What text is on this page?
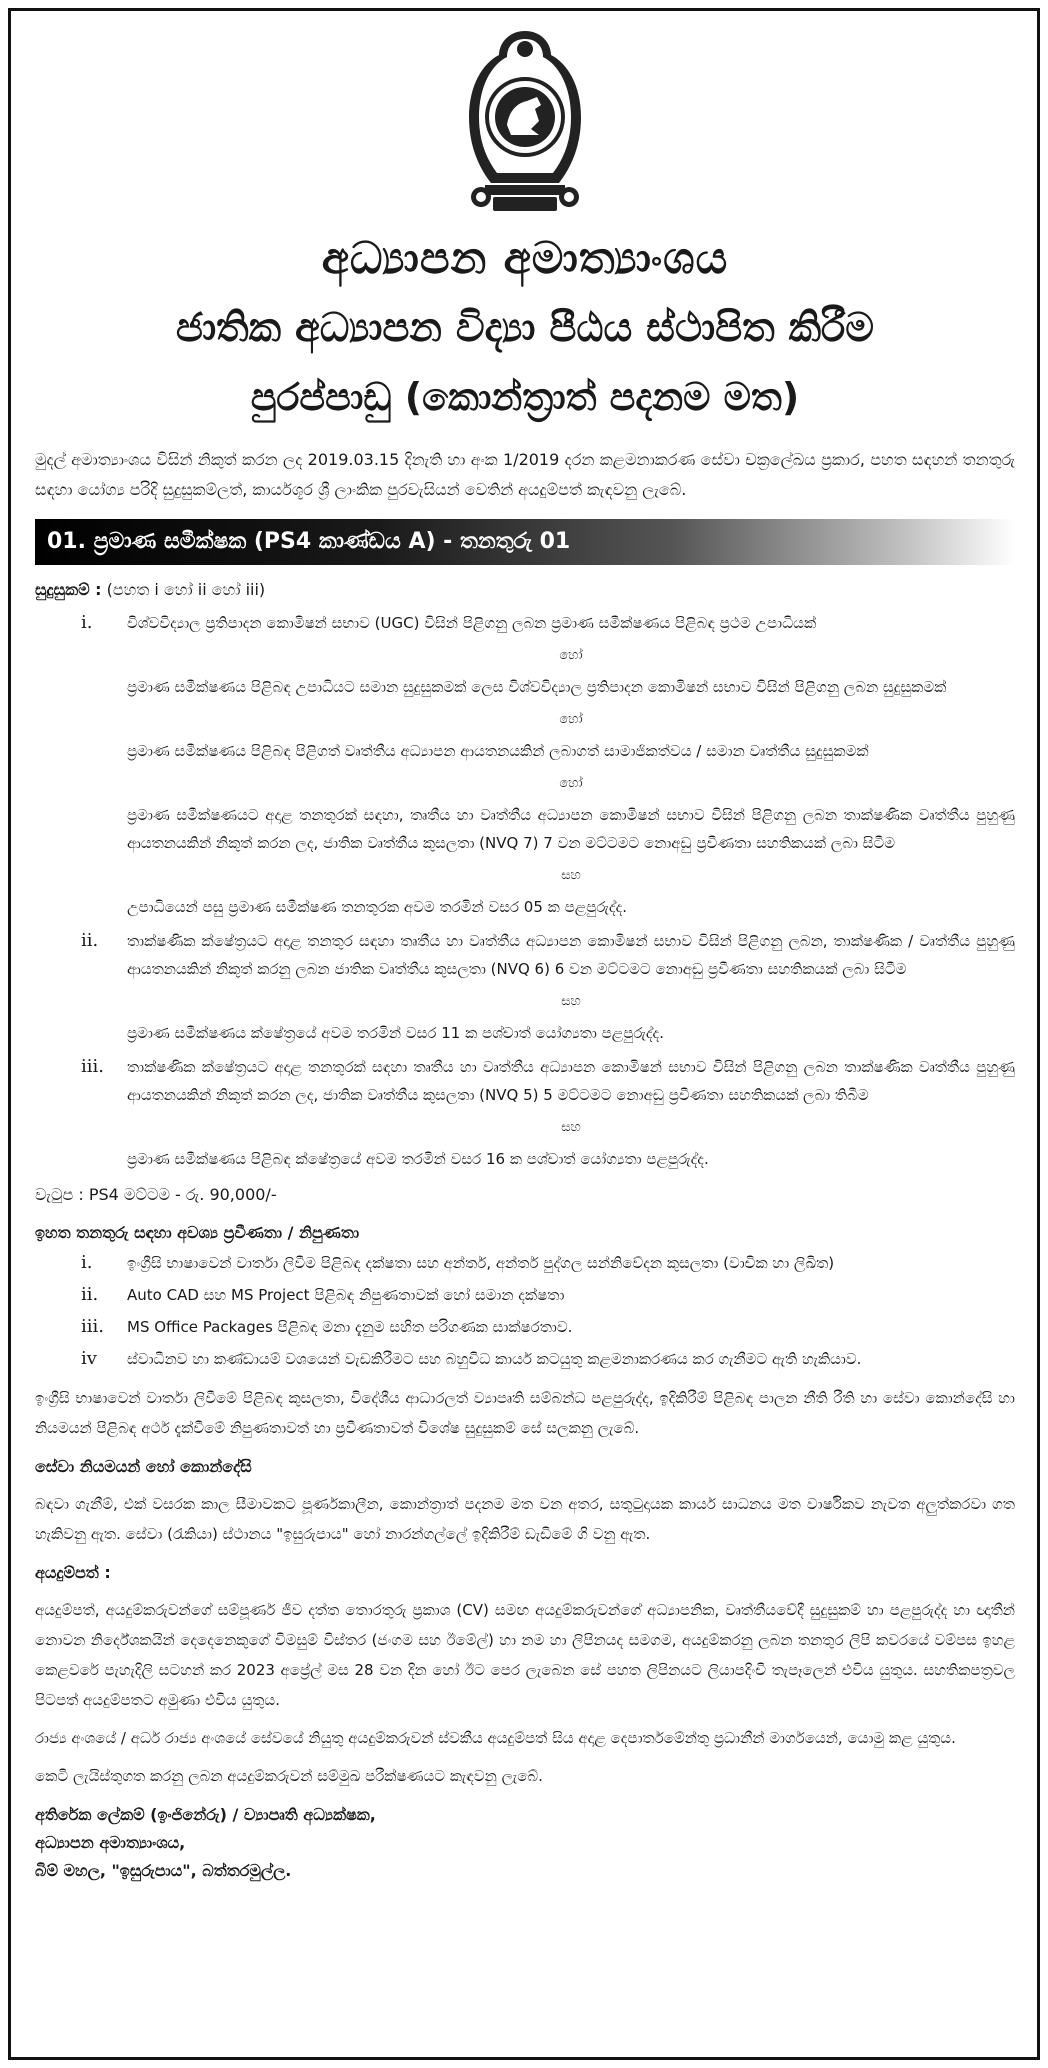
අධ්‍යාපන අමාත්‍යාංශය
ජාතික අධ්‍යාපන විද්‍යා පීඨය ස්ථාපිත කිරීම
පුරප්පාඩු (කොන්ත්‍රාත් පදනම මත)

මුදල් අමාත්‍යාංශය විසින් නිකුත් කරන ලද 2019.03.15 දිනැති හා අංක 1/2019 දරන කළමනාකරණ සේවා චක්‍රලේඛය ප්‍රකාර, පහත සඳහන් තනතුරු සඳහා යෝග්‍ය පරිදි සුදුසුකම්ලත්, කාර්යශූර ශ්‍රී ලාංකික පුරවැසියන් වෙතින් අයදුම්පත් කැඳවනු ලැබේ.

01. ප්‍රමාණ සමීක්ෂක (PS4 කාණ්ඩය A) - තනතුරු 01
සුදුසුකම් : (පහත i හෝ ii හෝ iii)
i. විශ්වවිද්‍යාල ප්‍රතිපාදන කොමිෂන් සභාව (UGC) විසින් පිළිගනු ලබන ප්‍රමාණ සමීක්ෂණය පිළිබඳ ප්‍රථම උපාධියක්

හෝ

ප්‍රමාණ සමීක්ෂණය පිළිබඳ උපාධියට සමාන සුදුසුකමක් ලෙස විශ්වවිද්‍යාල ප්‍රතිපාදන කොමිෂන් සභාව විසින් පිළිගනු ලබන සුදුසුකමක්

හෝ

ප්‍රමාණ සමීක්ෂණය පිළිබඳ පිළිගත් වෘත්තීය අධ්‍යාපන ආයතනයකින් ලබාගත් සාමාජිකත්වය / සමාන වෘත්තීය සුදුසුකමක්

හෝ

ප්‍රමාණ සමීක්ෂණයට අදාළ තනතුරක් සඳහා, තෘතීය හා වෘත්තීය අධ්‍යාපන කොමිෂන් සභාව විසින් පිළිගනු ලබන තාක්ෂණික වෘත්තීය පුහුණු ආයතනයකින් නිකුත් කරන ලද, ජාතික වෘත්තීය කුසලතා (NVQ 7) 7 වන මට්ටමට නොඅඩු ප්‍රවීණතා සහතිකයක් ලබා සිටීම

සහ

උපාධියෙන් පසු ප්‍රමාණ සමීක්ෂණ තනතුරක අවම තරමින් වසර 05 ක පළපුරුද්ද.

ii. තාක්ෂණික ක්ෂේත්‍රයට අදාළ තනතුර සඳහා තෘතීය හා වෘත්තීය අධ්‍යාපන කොමිෂන් සභාව විසින් පිළිගනු ලබන, තාක්ෂණික / වෘත්තීය පුහුණු ආයතනයකින් නිකුත් කරනු ලබන ජාතික වෘත්තීය කුසලතා (NVQ 6) 6 වන මට්ටමට නොඅඩු ප්‍රවීණතා සහතිකයක් ලබා සිටීම

සහ

ප්‍රමාණ සමීක්ෂණය ක්ෂේත්‍රයේ අවම තරමින් වසර 11 ක පශ්චාත් යෝග්‍යතා පළපුරුද්ද.

iii. තාක්ෂණික ක්ෂේත්‍රයට අදාළ තනතුරක් සඳහා තෘතීය හා වෘත්තීය අධ්‍යාපන කොමිෂන් සභාව විසින් පිළිගනු ලබන තාක්ෂණික වෘත්තීය පුහුණු ආයතනයකින් නිකුත් කරන ලද, ජාතික වෘත්තීය කුසලතා (NVQ 5) 5 මට්ටමට නොඅඩු ප්‍රවීණතා සහතිකයක් ලබා තිබීම

සහ

ප්‍රමාණ සමීක්ෂණය පිළිබඳ ක්ෂේත්‍රයේ අවම තරමින් වසර 16 ක පශ්චාත් යෝග්‍යතා පළපුරුද්ද.

වැටුප : PS4 මට්ටම - රු. 90,000/-
ඉහත තනතුරු සඳහා අවශ්‍ය ප්‍රවීණතා / නිපුණතා
i. ඉංග්‍රීසි භාෂාවෙන් වාර්තා ලිවීම පිළිබඳ දක්ෂතා සහ අන්තර්, අන්තර් පුද්ගල සන්නිවේදන කුසලතා (වාචික හා ලිඛිත)
ii. Auto CAD සහ MS Project පිළිබඳ නිපුණතාවක් හෝ සමාන දක්ෂතා
iii. MS Office Packages පිළිබඳ මනා දැනුම සහිත පරිගණක සාක්ෂරතාව.
iv ස්වාධීනව හා කණ්ඩායම් වශයෙන් වැඩකිරීමට සහ බහුවිධ කාර්ය කටයුතු කළමනාකරණය කර ගැනීමට ඇති හැකියාව.

ඉංග්‍රීසි භාෂාවෙන් වාර්තා ලිවීමේ පිළිබඳ කුසලතා, විදේශීය ආධාරලත් ව්‍යාපෘති සම්බන්ධ පළපුරුද්ද, ඉදිකිරීම් පිළිබඳ පාලන නීති රීති හා සේවා කොන්දේසි හා නියමයන් පිළිබඳ අර්ථ දැක්වීමේ නිපුණතාවත් හා ප්‍රවීණතාවත් විශේෂ සුදුසුකම් සේ සලකනු ලැබේ.

සේවා නියමයන් හෝ කොන්දේසි

බඳවා ගැනීම්, එක් වසරක කාල සීමාවකට පූර්ණකාලීන, කොන්ත්‍රාත් පදනම මත වන අතර, සතුටුදායක කාර්ය සාධනය මත වාර්ෂිකව නැවත අලුත්කරවා ගත හැකිවනු ඇත. සේවා (රැකියා) ස්ථානය "ඉසුරුපාය" හෝ නාරන්ගල්ලේ ඉදිකිරීම් ඩැඩිමේ ගි වනු ඇත.

අයදුම්පත් :

අයදුම්පත්, අයදුම්කරුවන්ගේ සම්පූර්ණ ජීව දත්ත තොරතුරු ප්‍රකාශ (CV) සමඟ අයදුම්කරුවන්ගේ අධ්‍යාපනික, වෘත්තීයවේදී සුදුසුකම් හා පළපුරුද්ද හා ඥාතීන් නොවන නිර්දේශකයින් දෙදෙනෙකුගේ විමසුම් විස්තර (ජංගම සහ ඊමේල්) හා නම හා ලිපිනයද සමගම, අයදුම්කරනු ලබන තනතුර ලිපි කවරයේ වම්පස ඉහළ කෙළවරේ පැහැදිලි සටහන් කර 2023 අප්‍රේල් මස 28 වන දින හෝ ඊට පෙර ලැබෙන සේ පහත ලිපිනයට ලියාපදිංචි තැපෑලෙන් එවිය යුතුය. සහතිකපත්‍රවල පිටපත් අයදුම්පතට අමුණා එවිය යුතුය.

රාජ්‍ය අංශයේ / අර්ධ රාජ්‍ය අංශයේ සේවයේ නියුතු අයදුම්කරුවන් ස්වකීය අයදුම්පත් සිය අදාළ දෙපාර්තමේන්තු ප්‍රධානීන් මාර්ගයෙන්, යොමු කළ යුතුය.

කෙටි ලැයිස්තුගත කරනු ලබන අයදුම්කරුවන් සම්මුඛ පරීක්ෂණයට කැඳවනු ලැබේ.

අතිරේක ලේකම් (ඉංජිනේරු) / ව්‍යාපෘති අධ්‍යක්ෂක,
අධ්‍යාපන අමාත්‍යාංශය,
බිම් මහල, "ඉසුරුපාය", බත්තරමුල්ල.
